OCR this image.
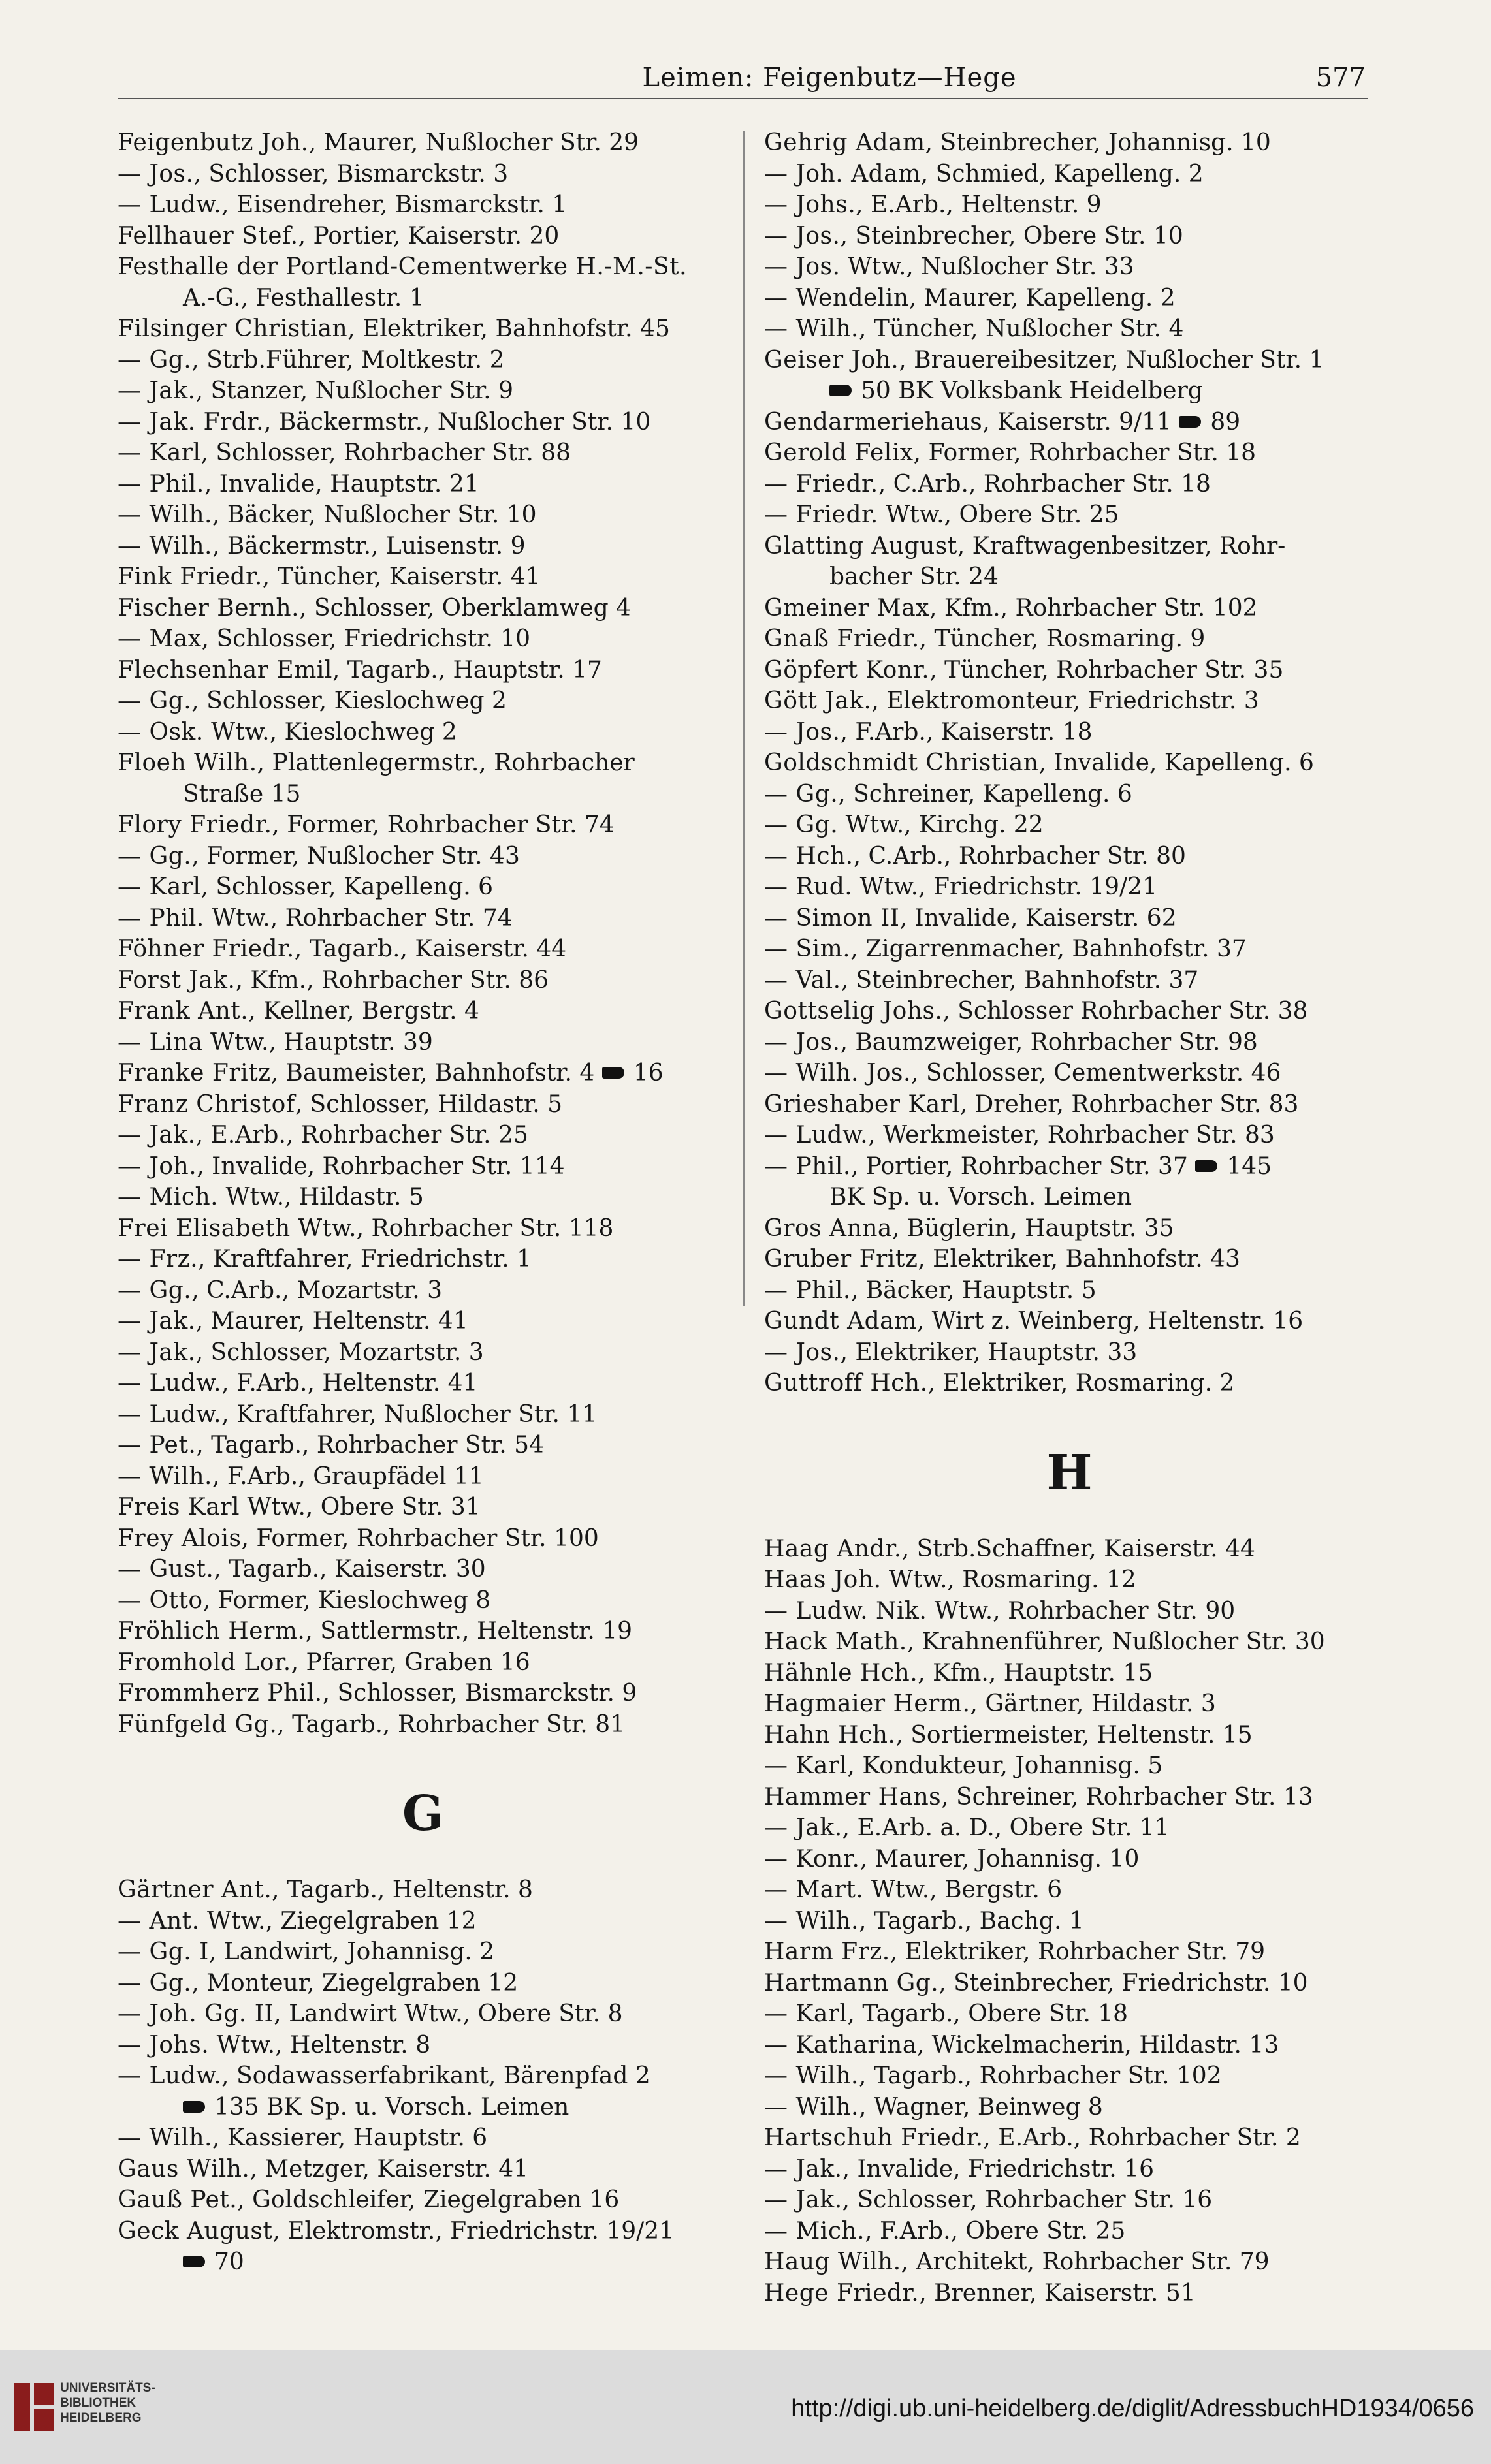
Leimen: Feigenbutz—Hege	577
Feigenbutz Joh., Maurer, Nußlocher Str. 29
— Jos., Schlosser, Bismarckstr. 3
— Ludw., Eisendreher, Bismarckstr. 1
Fellhauer Stef., Portier, Kaiserstr. 20
Festhalle der Portland-Cementwerke H.-M.-St.
A.-G., Festhallestr. 1
Filsinger Christian, Elektriker, Bahnhofstr. 45
— Gg., Strb.Führer, Moltkestr. 2
— Jak., Stanzer, Nußlocher Str. 9
— Jak. Frdr., Bäckermstr., Nußlocher Str. 10
— Karl, Schlosser, Rohrbacher Str. 88
— Phil., Invalide, Hauptstr. 21
— Wilh., Bäcker, Nußlocher Str. 10
— Wilh., Bäckermstr., Luisenstr. 9
Fink Friedr., Tüncher, Kaiserstr. 41
Fischer Bernh., Schlosser, Oberklamweg 4
— Max, Schlosser, Friedrichstr. 10
Flechsenhar Emil, Tagarb., Hauptstr. 17
— Gg., Schlosser, Kieslochweg 2
— Osk. Wtw., Kieslochweg 2
Floeh Wilh., Plattenlegermstr., Rohrbacher
Straße 15
Flory Friedr., Former, Rohrbacher Str. 74
— Gg., Former, Nußlocher Str. 43
— Karl, Schlosser, Kapelleng. 6
— Phil. Wtw., Rohrbacher Str. 74
Föhner Friedr., Tagarb., Kaiserstr. 44
Forst Jak., Kfm., Rohrbacher Str. 86
Frank Ant., Kellner, Bergstr. 4
— Lina Wtw., Hauptstr. 39
Franke Fritz, Baumeister, Bahnhofstr. 4 16
Franz Christof, Schlosser, Hildastr. 5
— Jak., E.Arb., Rohrbacher Str. 25
— Joh., Invalide, Rohrbacher Str. 114
— Mich. Wtw., Hildastr. 5
Frei Elisabeth Wtw., Rohrbacher Str. 118
— Frz., Kraftfahrer, Friedrichstr. 1
— Gg., C.Arb., Mozartstr. 3
— Jak., Maurer, Heltenstr. 41
— Jak., Schlosser, Mozartstr. 3
— Ludw., F.Arb., Heltenstr. 41
— Ludw., Kraftfahrer, Nußlocher Str. 11
— Pet., Tagarb., Rohrbacher Str. 54
— Wilh., F.Arb., Graupfädel 11
Freis Karl Wtw., Obere Str. 31
Frey Alois, Former, Rohrbacher Str. 100
— Gust., Tagarb., Kaiserstr. 30
— Otto, Former, Kieslochweg 8
Fröhlich Herm., Sattlermstr., Heltenstr. 19
Fromhold Lor., Pfarrer, Graben 16
Frommherz Phil., Schlosser, Bismarckstr. 9
Fünfgeld Gg., Tagarb., Rohrbacher Str. 81
G
Gärtner Ant., Tagarb., Heltenstr. 8
— Ant. Wtw., Ziegelgraben 12
— Gg. I, Landwirt, Johannisg. 2
— Gg., Monteur, Ziegelgraben 12
— Joh. Gg. II, Landwirt Wtw., Obere Str. 8
— Johs. Wtw., Heltenstr. 8
— Ludw., Sodawasserfabrikant, Bärenpfad 2
135 BK Sp. u. Vorsch. Leimen
— Wilh., Kassierer, Hauptstr. 6
Gaus Wilh., Metzger, Kaiserstr. 41
Gauß Pet., Goldschleifer, Ziegelgraben 16
Geck August, Elektromstr., Friedrichstr. 19/21
70
Gehrig Adam, Steinbrecher, Johannisg. 10
— Joh. Adam, Schmied, Kapelleng. 2
— Johs., E.Arb., Heltenstr. 9
— Jos., Steinbrecher, Obere Str. 10
— Jos. Wtw., Nußlocher Str. 33
— Wendelin, Maurer, Kapelleng. 2
— Wilh., Tüncher, Nußlocher Str. 4
Geiser Joh., Brauereibesitzer, Nußlocher Str. 1
50 BK Volksbank Heidelberg
Gendarmeriehaus, Kaiserstr. 9/11 89
Gerold Felix, Former, Rohrbacher Str. 18
— Friedr., C.Arb., Rohrbacher Str. 18
— Friedr. Wtw., Obere Str. 25
Glatting August, Kraftwagenbesitzer, Rohr-
bacher Str. 24
Gmeiner Max, Kfm., Rohrbacher Str. 102
Gnaß Friedr., Tüncher, Rosmaring. 9
Göpfert Konr., Tüncher, Rohrbacher Str. 35
Gött Jak., Elektromonteur, Friedrichstr. 3
— Jos., F.Arb., Kaiserstr. 18
Goldschmidt Christian, Invalide, Kapelleng. 6
— Gg., Schreiner, Kapelleng. 6
— Gg. Wtw., Kirchg. 22
— Hch., C.Arb., Rohrbacher Str. 80
— Rud. Wtw., Friedrichstr. 19/21
— Simon II, Invalide, Kaiserstr. 62
— Sim., Zigarrenmacher, Bahnhofstr. 37
— Val., Steinbrecher, Bahnhofstr. 37
Gottselig Johs., Schlosser Rohrbacher Str. 38
— Jos., Baumzweiger, Rohrbacher Str. 98
— Wilh. Jos., Schlosser, Cementwerkstr. 46
Grieshaber Karl, Dreher, Rohrbacher Str. 83
— Ludw., Werkmeister, Rohrbacher Str. 83
— Phil., Portier, Rohrbacher Str. 37 145
BK Sp. u. Vorsch. Leimen
Gros Anna, Büglerin, Hauptstr. 35
Gruber Fritz, Elektriker, Bahnhofstr. 43
— Phil., Bäcker, Hauptstr. 5
Gundt Adam, Wirt z. Weinberg, Heltenstr. 16
— Jos., Elektriker, Hauptstr. 33
Guttroff Hch., Elektriker, Rosmaring. 2
H
Haag Andr., Strb.Schaffner, Kaiserstr. 44
Haas Joh. Wtw., Rosmaring. 12
— Ludw. Nik. Wtw., Rohrbacher Str. 90
Hack Math., Krahnenführer, Nußlocher Str. 30
Hähnle Hch., Kfm., Hauptstr. 15
Hagmaier Herm., Gärtner, Hildastr. 3
Hahn Hch., Sortiermeister, Heltenstr. 15
— Karl, Kondukteur, Johannisg. 5
Hammer Hans, Schreiner, Rohrbacher Str. 13
— Jak., E.Arb. a. D., Obere Str. 11
— Konr., Maurer, Johannisg. 10
— Mart. Wtw., Bergstr. 6
— Wilh., Tagarb., Bachg. 1
Harm Frz., Elektriker, Rohrbacher Str. 79
Hartmann Gg., Steinbrecher, Friedrichstr. 10
— Karl, Tagarb., Obere Str. 18
— Katharina, Wickelmacherin, Hildastr. 13
— Wilh., Tagarb., Rohrbacher Str. 102
— Wilh., Wagner, Beinweg 8
Hartschuh Friedr., E.Arb., Rohrbacher Str. 2
— Jak., Invalide, Friedrichstr. 16
— Jak., Schlosser, Rohrbacher Str. 16
— Mich., F.Arb., Obere Str. 25
Haug Wilh., Architekt, Rohrbacher Str. 79
Hege Friedr., Brenner, Kaiserstr. 51
UNIVERSITÄTS-
BIBLIOTHEK
HEIDELBERG	http://digi.ub.uni-heidelberg.de/diglit/AdressbuchHD1934/0656
